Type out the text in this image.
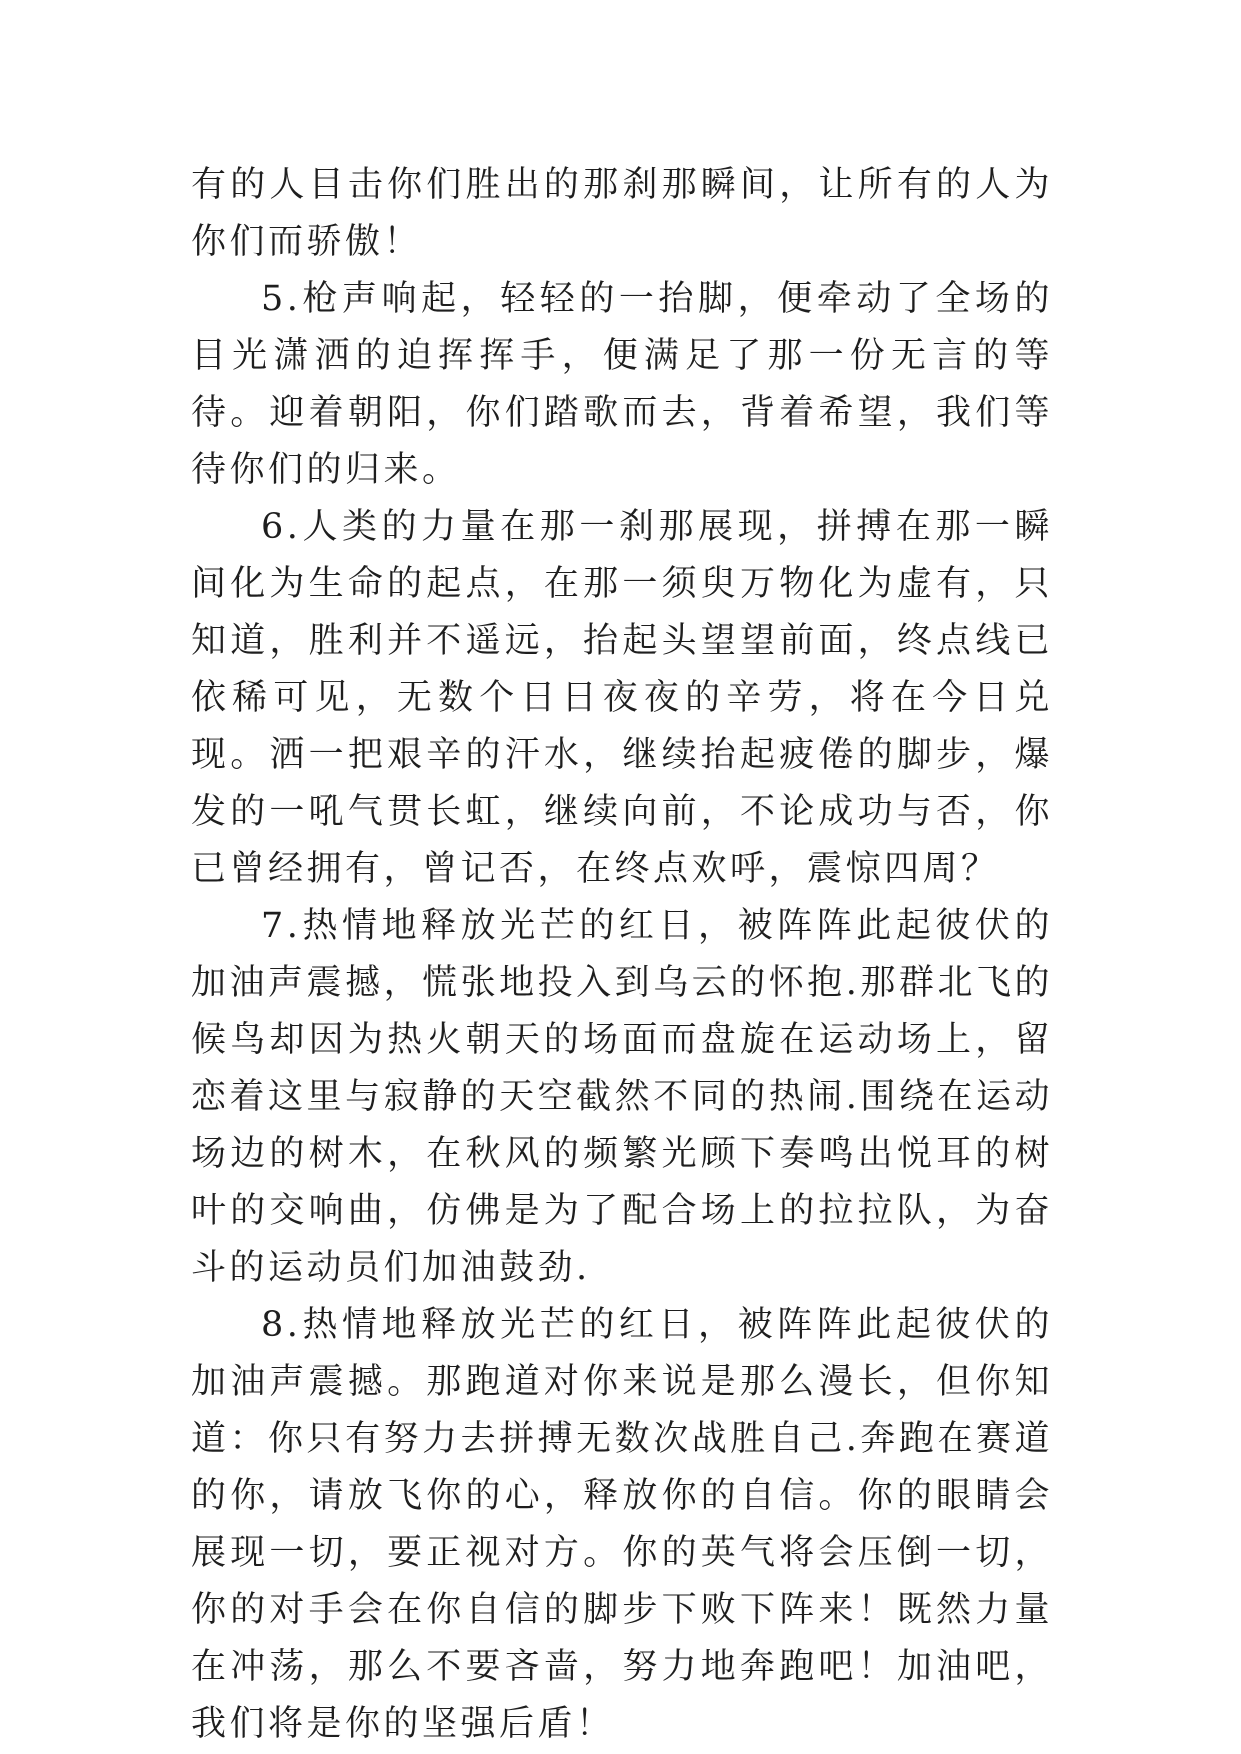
有的人目击你们胜出的那刹那瞬间，让所有的人为你们而骄傲！

5.枪声响起，轻轻的一抬脚，便牵动了全场的目光潇洒的迫挥挥手，便满足了那一份无言的等待。迎着朝阳，你们踏歌而去，背着希望，我们等待你们的归来。

6.人类的力量在那一刹那展现，拼搏在那一瞬间化为生命的起点，在那一须臾万物化为虚有，只知道，胜利并不遥远，抬起头望望前面，终点线已依稀可见，无数个日日夜夜的辛劳，将在今日兑现。洒一把艰辛的汗水，继续抬起疲倦的脚步，爆发的一吼气贯长虹，继续向前，不论成功与否，你已曾经拥有，曾记否，在终点欢呼，震惊四周？

7.热情地释放光芒的红日，被阵阵此起彼伏的加油声震撼，慌张地投入到乌云的怀抱.那群北飞的候鸟却因为热火朝天的场面而盘旋在运动场上，留恋着这里与寂静的天空截然不同的热闹.围绕在运动场边的树木，在秋风的频繁光顾下奏鸣出悦耳的树叶的交响曲，仿佛是为了配合场上的拉拉队，为奋斗的运动员们加油鼓劲.

8.热情地释放光芒的红日，被阵阵此起彼伏的加油声震撼。那跑道对你来说是那么漫长，但你知道：你只有努力去拼搏无数次战胜自己.奔跑在赛道的你，请放飞你的心，释放你的自信。你的眼睛会展现一切，要正视对方。你的英气将会压倒一切，你的对手会在你自信的脚步下败下阵来！既然力量在冲荡，那么不要吝啬，努力地奔跑吧！加油吧，我们将是你的坚强后盾！
